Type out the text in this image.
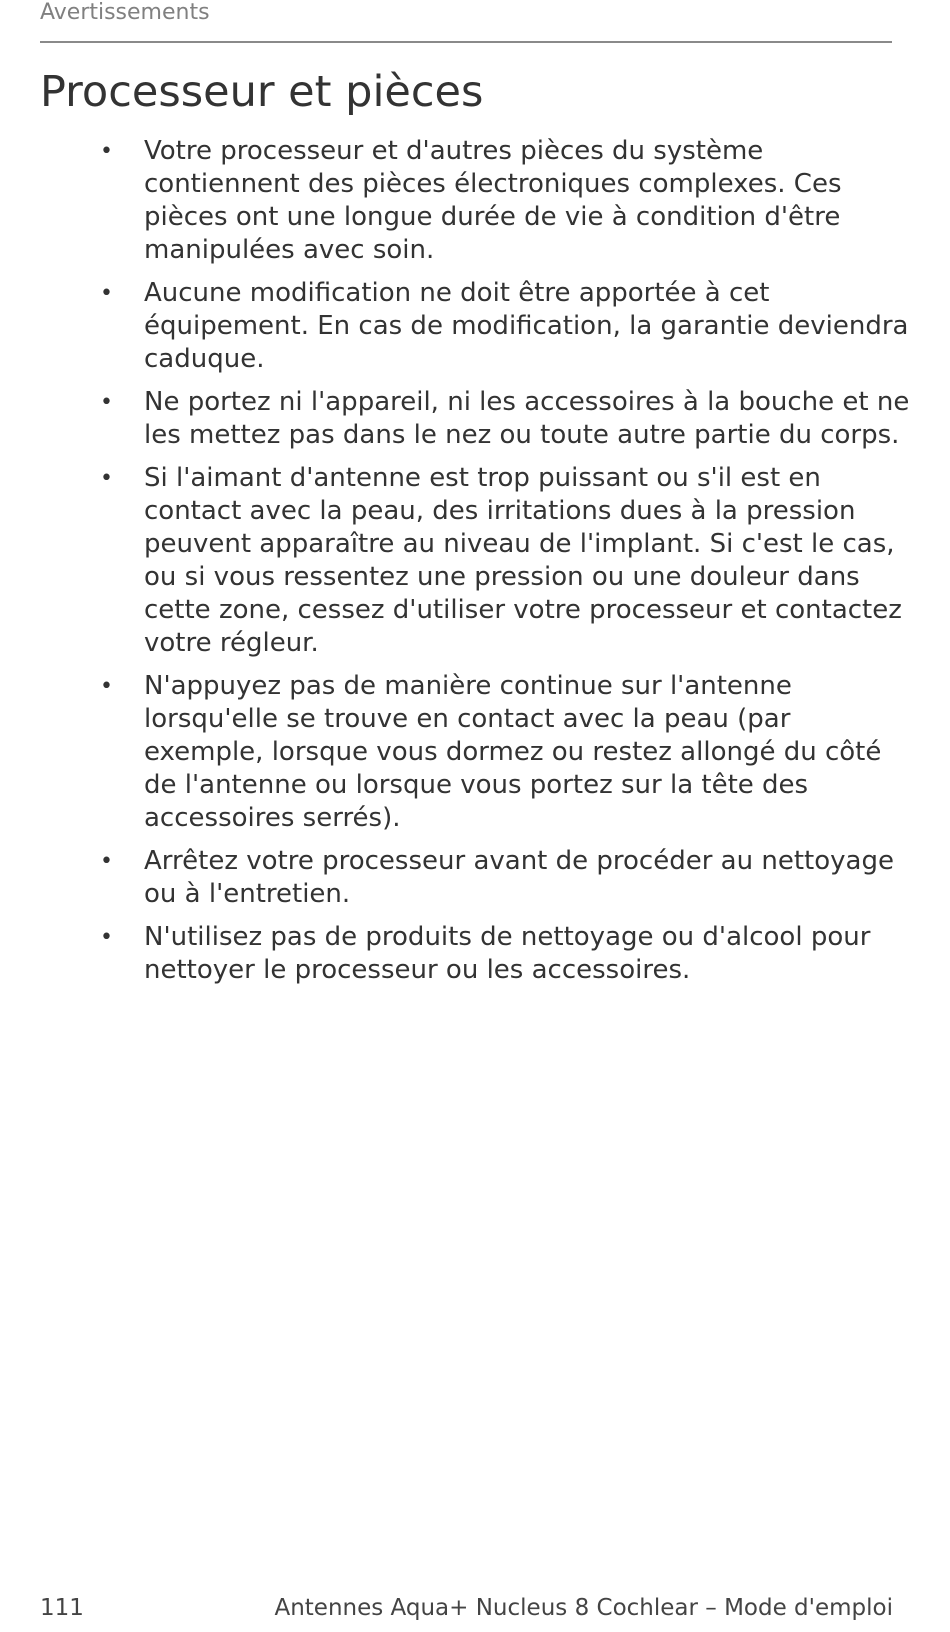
Avertissements
Processeur et pièces
• Votre processeur et d'autres pièces du système contiennent des pièces électroniques complexes. Ces pièces ont une longue durée de vie à condition d'être manipulées avec soin.
• Aucune modification ne doit être apportée à cet équipement. En cas de modification, la garantie deviendra caduque.
• Ne portez ni l'appareil, ni les accessoires à la bouche et ne les mettez pas dans le nez ou toute autre partie du corps.
• Si l'aimant d'antenne est trop puissant ou s'il est en contact avec la peau, des irritations dues à la pression peuvent apparaître au niveau de l'implant. Si c'est le cas, ou si vous ressentez une pression ou une douleur dans cette zone, cessez d'utiliser votre processeur et contactez votre régleur.
• N'appuyez pas de manière continue sur l'antenne lorsqu'elle se trouve en contact avec la peau (par exemple, lorsque vous dormez ou restez allongé du côté de l'antenne ou lorsque vous portez sur la tête des accessoires serrés).
• Arrêtez votre processeur avant de procéder au nettoyage ou à l'entretien.
• N'utilisez pas de produits de nettoyage ou d'alcool pour nettoyer le processeur ou les accessoires.
111	Antennes Aqua+ Nucleus 8 Cochlear – Mode d'emploi
